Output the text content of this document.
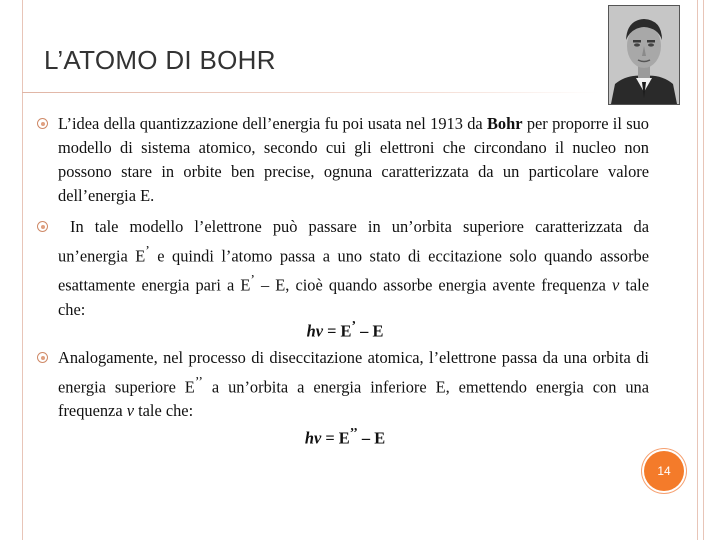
L’ATOMO DI BOHR

L’idea della quantizzazione dell’energia fu poi usata nel 1913 da Bohr per proporre il suo modello di sistema atomico, secondo cui gli elettroni che circondano il nucleo non possono stare in orbite ben precise, ognuna caratterizzata da un particolare valore dell’energia E.

In tale modello l’elettrone può passare in un’orbita superiore caratterizzata da un’energia E’ e quindi l’atomo passa a uno stato di eccitazione solo quando assorbe esattamente energia pari a E’ – E, cioè quando assorbe energia avente frequenza ν tale che:

hν = E’ – E

Analogamente, nel processo di diseccitazione atomica, l’elettrone passa da una orbita di energia superiore E’’ a un’orbita a energia inferiore E, emettendo energia con una frequenza ν tale che:

hν = E’’ – E

14
